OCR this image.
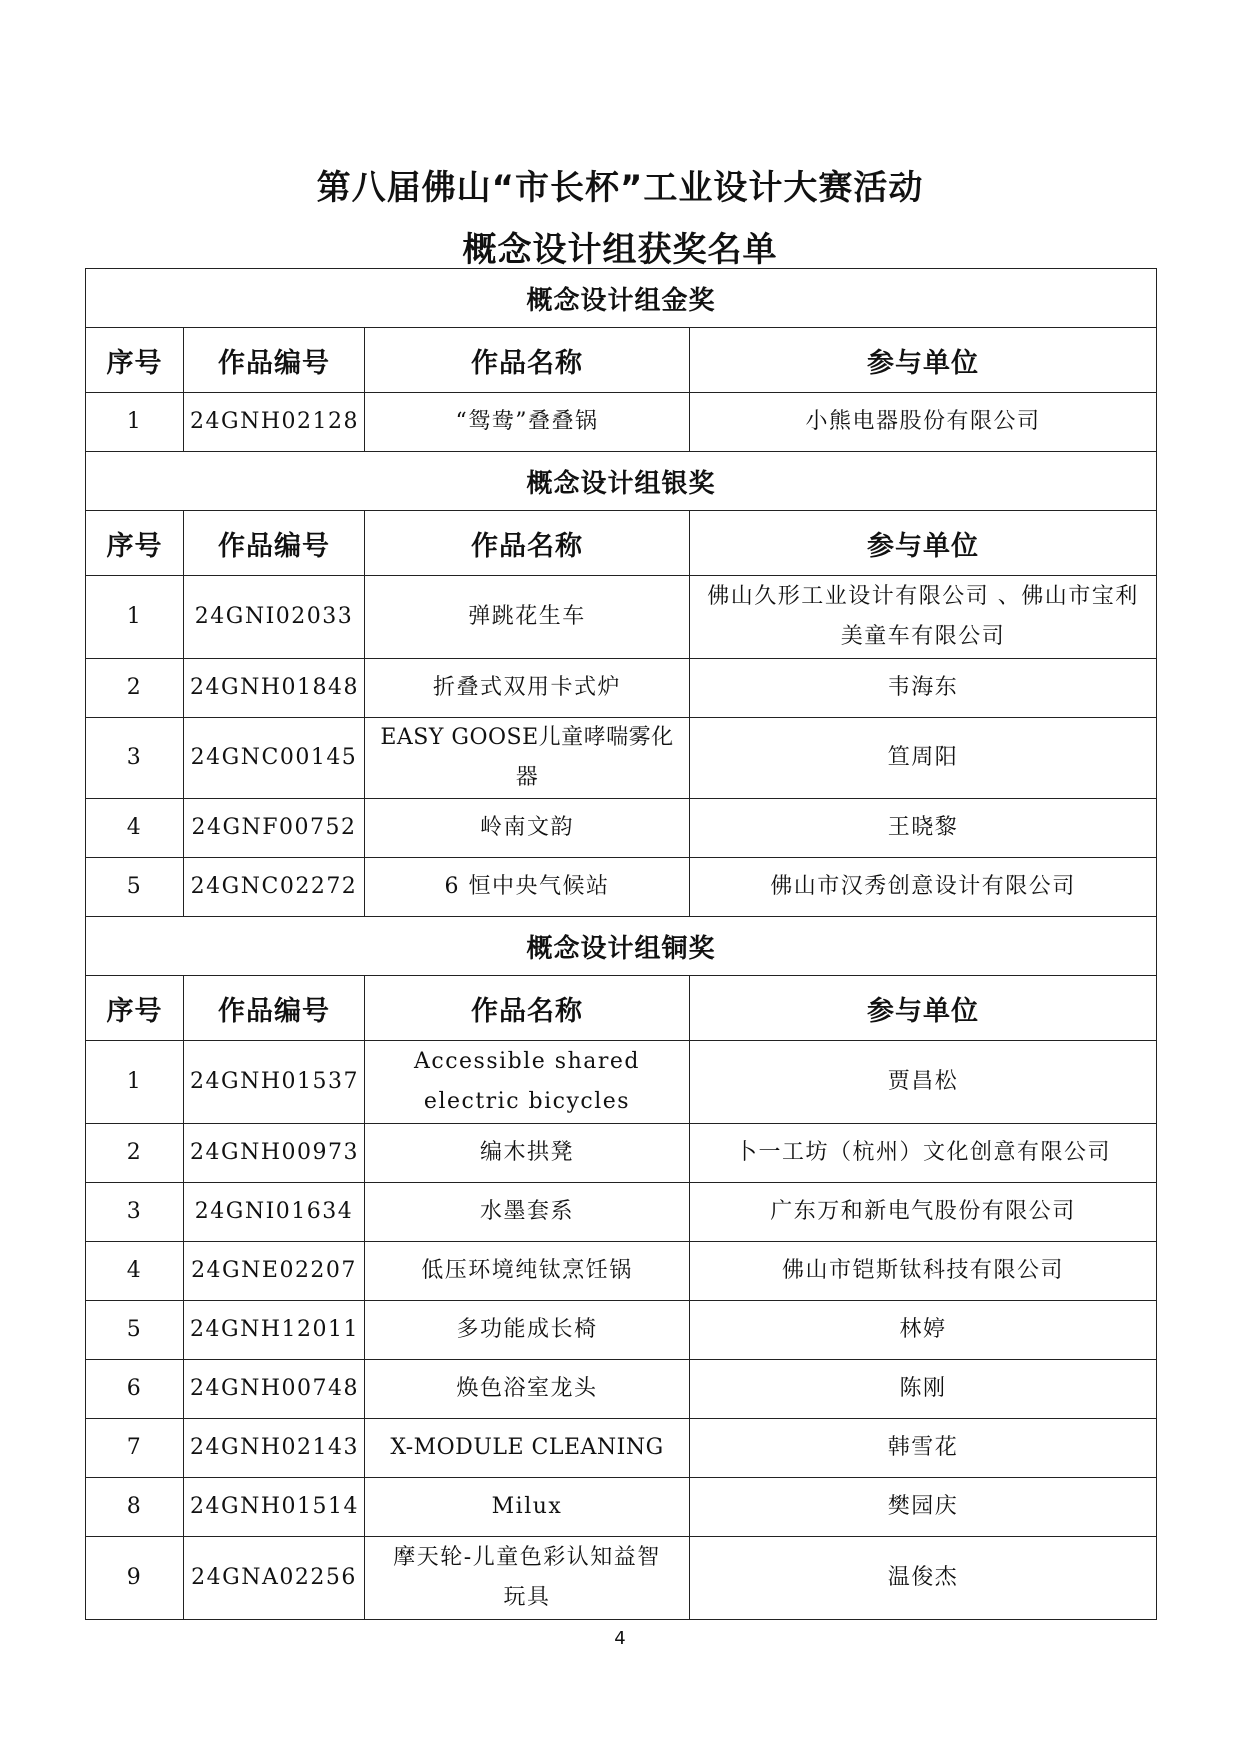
第八届佛山“市长杯”工业设计大赛活动
概念设计组获奖名单
概念设计组金奖			
序号	作品编号	作品名称	参与单位
1	24GNH02128	“鸳鸯”叠叠锅	小熊电器股份有限公司
概念设计组银奖			
序号	作品编号	作品名称	参与单位
1	24GNI02033	弹跳花生车	佛山久形工业设计有限公司 、佛山市宝利美童车有限公司
2	24GNH01848	折叠式双用卡式炉	韦海东
3	24GNC00145	EASY GOOSE儿童哮喘雾化器	笪周阳
4	24GNF00752	岭南文韵	王晓黎
5	24GNC02272	6 恒中央气候站	佛山市汉秀创意设计有限公司
概念设计组铜奖			
序号	作品编号	作品名称	参与单位
1	24GNH01537	Accessible shared electric bicycles	贾昌松
2	24GNH00973	编木拱凳	卜一工坊（杭州）文化创意有限公司
3	24GNI01634	水墨套系	广东万和新电气股份有限公司
4	24GNE02207	低压环境纯钛烹饪锅	佛山市铠斯钛科技有限公司
5	24GNH12011	多功能成长椅	林婷
6	24GNH00748	焕色浴室龙头	陈刚
7	24GNH02143	X-MODULE CLEANING	韩雪花
8	24GNH01514	Milux	樊园庆
9	24GNA02256	摩天轮-儿童色彩认知益智玩具	温俊杰
4
